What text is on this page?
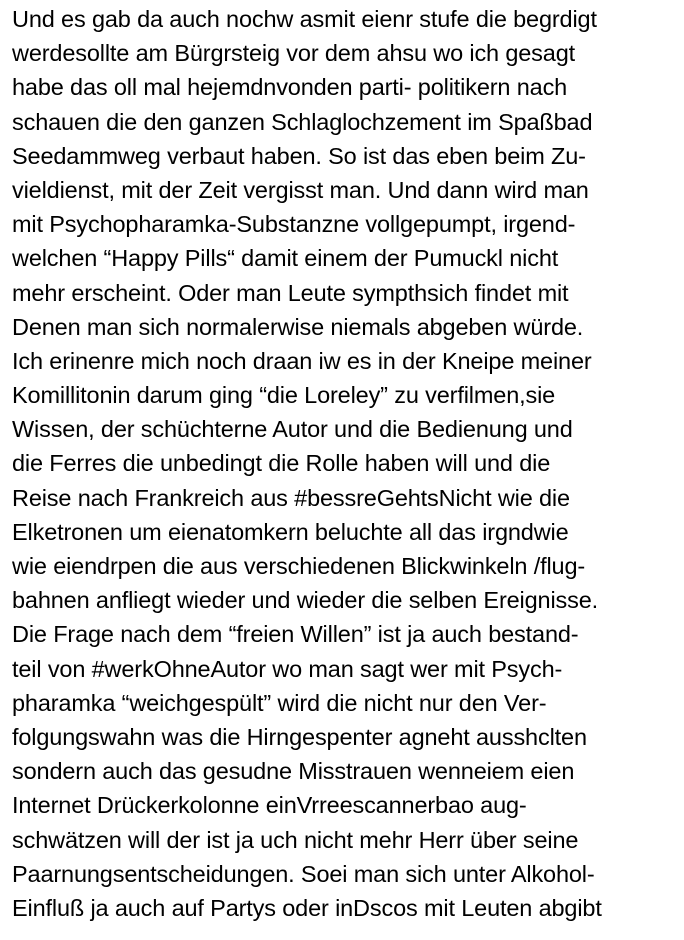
Und es gab da auch nochw asmit eienr stufe die begrdigt
werdesollte am Bürgrsteig vor dem ahsu wo ich gesagt
habe das oll mal hejemdnvonden parti- politikern nach
schauen die den ganzen Schlaglochzement im Spaßbad
Seedammweg verbaut haben. So ist das eben beim Zu-
vieldienst, mit der Zeit vergisst man. Und dann wird man
mit Psychopharamka-Substanzne vollgepumpt, irgend-
welchen “Happy Pills“ damit einem der Pumuckl nicht
mehr erscheint. Oder man Leute sympthsich findet mit
Denen man sich normalerwise niemals abgeben würde.
Ich erinenre mich noch draan iw es in der Kneipe meiner
Komillitonin darum ging “die Loreley” zu verfilmen,sie
Wissen, der schüchterne Autor und die Bedienung und
die Ferres die unbedingt die Rolle haben will und die
Reise nach Frankreich aus #bessreGehtsNicht wie die
Elketronen um eienatomkern beluchte all das irgndwie
wie eiendrpen die aus verschiedenen Blickwinkeln /flug-
bahnen anfliegt wieder und wieder die selben Ereignisse.
Die Frage nach dem “freien Willen” ist ja auch bestand-
teil von #werkOhneAutor wo man sagt wer mit Psych-
pharamka “weichgespült” wird die nicht nur den Ver-
folgungswahn was die Hirngespenter agneht ausshclten
sondern auch das gesudne Misstrauen wenneiem eien
Internet Drückerkolonne einVrreescannerbao aug-
schwätzen will der ist ja uch nicht mehr Herr über seine
Paarnungsentscheidungen. Soei man sich unter Alkohol-
Einfluß ja auch auf Partys oder inDscos mit Leuten abgibt
